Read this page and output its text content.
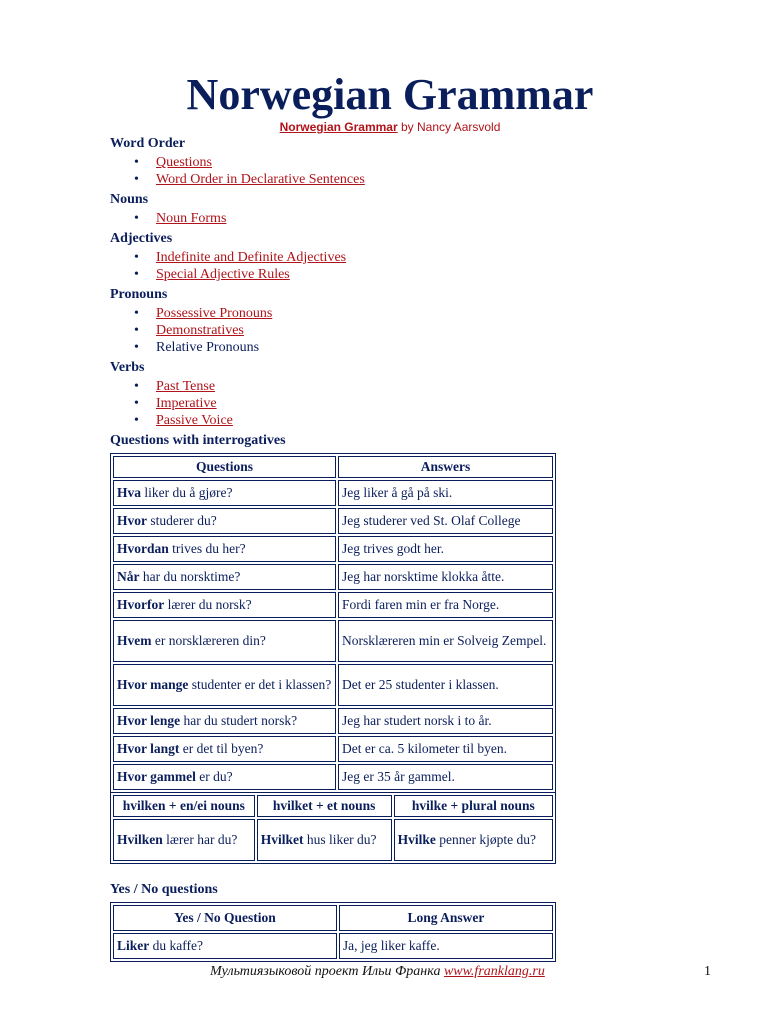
Norwegian Grammar
Norwegian Grammar by Nancy Aarsvold
Word Order
• Questions
• Word Order in Declarative Sentences
Nouns
• Noun Forms
Adjectives
• Indefinite and Definite Adjectives
• Special Adjective Rules
Pronouns
• Possessive Pronouns
• Demonstratives
• Relative Pronouns
Verbs
• Past Tense
• Imperative
• Passive Voice
Questions with interrogatives
Questions	Answers
Hva liker du å gjøre?	Jeg liker å gå på ski.
Hvor studerer du?	Jeg studerer ved St. Olaf College
Hvordan trives du her?	Jeg trives godt her.
Når har du norsktime?	Jeg har norsktime klokka åtte.
Hvorfor lærer du norsk?	Fordi faren min er fra Norge.
Hvem er norsklæreren din?	Norsklæreren min er Solveig Zempel.
Hvor mange studenter er det i klassen?	Det er 25 studenter i klassen.
Hvor lenge har du studert norsk?	Jeg har studert norsk i to år.
Hvor langt er det til byen?	Det er ca. 5 kilometer til byen.
Hvor gammel er du?	Jeg er 35 år gammel.
hvilken + en/ei nouns	hvilket + et nouns	hvilke + plural nouns
Hvilken lærer har du?	Hvilket hus liker du?	Hvilke penner kjøpte du?
Yes / No questions
Yes / No Question	Long Answer
Liker du kaffe?	Ja, jeg liker kaffe.
Мультиязыковой проект Ильи Франка www.franklang.ru	1
